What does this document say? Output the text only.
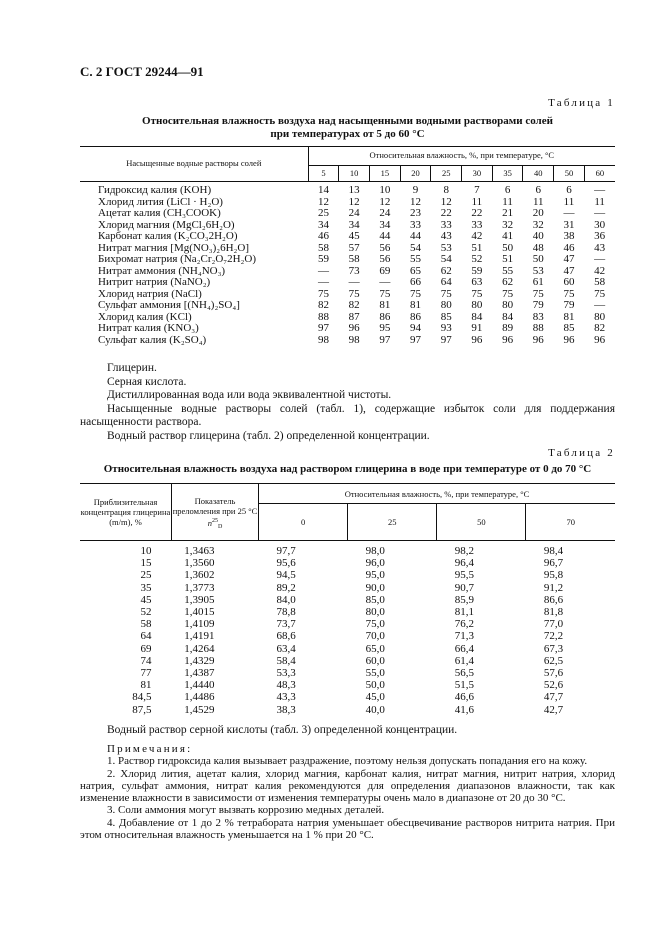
С. 2 ГОСТ 29244—91
Таблица 1
Относительная влажность воздуха над насыщенными водными растворами солей
при температурах от 5 до 60 °С
Насыщенные водные растворы солей	Относительная влажность, %, при температуре, °С									
	5	10	15	20	25	30	35	40	50	60
Гидроксид калия (KOH)	14	13	10	9	8	7	6	6	6	—
Хлорид лития (LiCl · H₂O)	12	12	12	12	12	11	11	11	11	11
Ацетат калия (CH₃COOK)	25	24	24	23	22	22	21	20	—	—
Хлорид магния (MgCl₂6H₂O)	34	34	34	33	33	33	32	32	31	30
Карбонат калия (K₂CO₃2H₂O)	46	45	44	44	43	42	41	40	38	36
Нитрат магния [Mg(NO₃)₂6H₂O]	58	57	56	54	53	51	50	48	46	43
Бихромат натрия (Na₂Cr₂O₇2H₂O)	59	58	56	55	54	52	51	50	47	—
Нитрат аммония (NH₄NO₃)	—	73	69	65	62	59	55	53	47	42
Нитрит натрия (NaNO₂)	—	—	—	66	64	63	62	61	60	58
Хлорид натрия (NaCl)	75	75	75	75	75	75	75	75	75	75
Сульфат аммония [(NH₄)₂SO₄]	82	82	81	81	80	80	80	79	79	—
Хлорид калия (KCl)	88	87	86	86	85	84	84	83	81	80
Нитрат калия (KNO₃)	97	96	95	94	93	91	89	88	85	82
Сульфат калия (K₂SO₄)	98	98	97	97	97	96	96	96	96	96

Глицерин.

Серная кислота.

Дистиллированная вода или вода эквивалентной чистоты.

Насыщенные водные растворы солей (табл. 1), содержащие избыток соли для поддержания насыщенности раствора.

Водный раствор глицерина (табл. 2) определенной концентрации.

Таблица 2
Относительная влажность воздуха над раствором глицерина в воде при температуре от 0 до 70 °С
Приблизительная концентрация глицерина (m/m), %	Показатель преломления при 25 °С
$n^{25}_D$	Относительная влажность, %, при температуре, °С			
		0	25	50	70
10	1,3463	97,7	98,0	98,2	98,4
15	1,3560	95,6	96,0	96,4	96,7
25	1,3602	94,5	95,0	95,5	95,8
35	1,3773	89,2	90,0	90,7	91,2
45	1,3905	84,0	85,0	85,9	86,6
52	1,4015	78,8	80,0	81,1	81,8
58	1,4109	73,7	75,0	76,2	77,0
64	1,4191	68,6	70,0	71,3	72,2
69	1,4264	63,4	65,0	66,4	67,3
74	1,4329	58,4	60,0	61,4	62,5
77	1,4387	53,3	55,0	56,5	57,6
81	1,4440	48,3	50,0	51,5	52,6
84,5	1,4486	43,3	45,0	46,6	47,7
87,5	1,4529	38,3	40,0	41,6	42,7

Водный раствор серной кислоты (табл. 3) определенной концентрации.

Примечания:

1. Раствор гидроксида калия вызывает раздражение, поэтому нельзя допускать попадания его на кожу.

2. Хлорид лития, ацетат калия, хлорид магния, карбонат калия, нитрат магния, нитрит натрия, хлорид натрия, сульфат аммония, нитрат калия рекомендуются для определения диапазонов влажности, так как изменение влажности в зависимости от изменения температуры очень мало в диапазоне от 20 до 30 °С.

3. Соли аммония могут вызвать коррозию медных деталей.

4. Добавление от 1 до 2 % тетрабората натрия уменьшает обесцвечивание растворов нитрита натрия. При этом относительная влажность уменьшается на 1 % при 20 °С.
